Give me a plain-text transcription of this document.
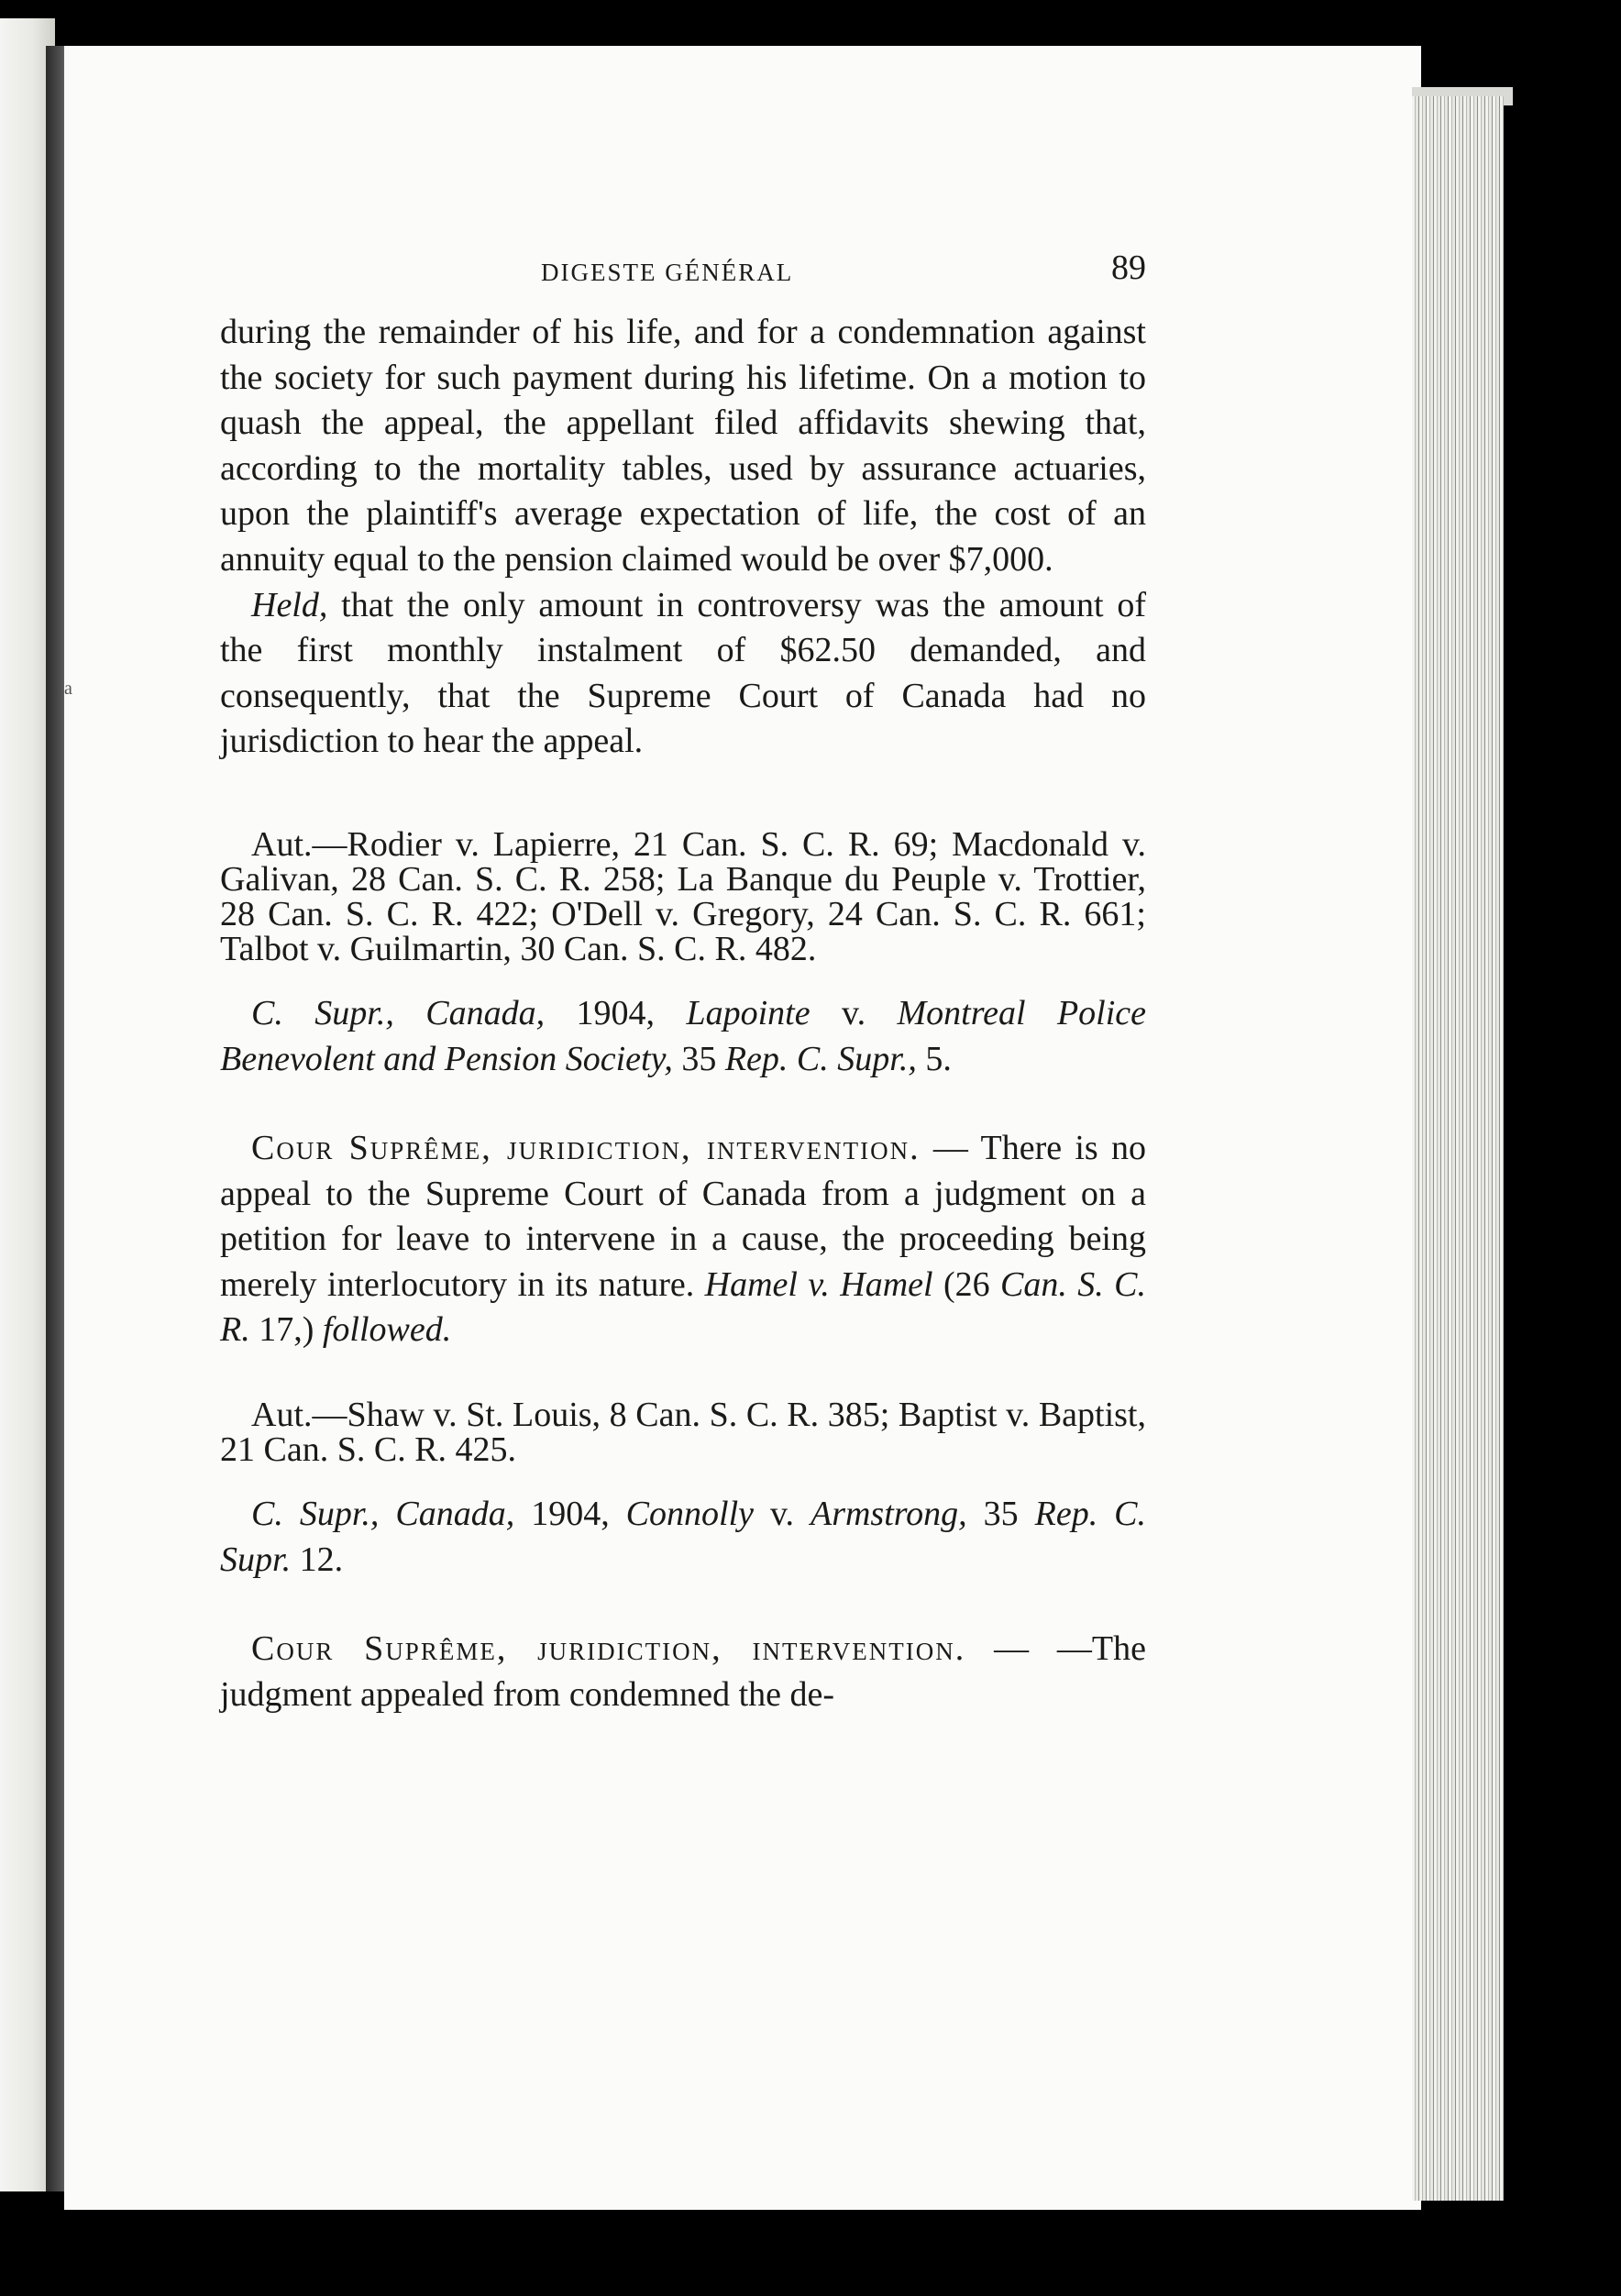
a
DIGESTE GÉNÉRAL	89

during the remainder of his life, and for a condemnation against the society for such payment during his lifetime. On a motion to quash the appeal, the appellant filed affidavits shewing that, according to the mortality tables, used by assurance actuaries, upon the plaintiff's average expectation of life, the cost of an annuity equal to the pension claimed would be over $7,000.

Held, that the only amount in controversy was the amount of the first monthly instalment of $62.50 demanded, and consequently, that the Supreme Court of Canada had no jurisdiction to hear the appeal.

Aut.—Rodier v. Lapierre, 21 Can. S. C. R. 69; Macdonald v. Galivan, 28 Can. S. C. R. 258; La Banque du Peuple v. Trottier, 28 Can. S. C. R. 422; O'Dell v. Gregory, 24 Can. S. C. R. 661; Talbot v. Guilmartin, 30 Can. S. C. R. 482.

C. Supr., Canada, 1904, Lapointe v. Montreal Police Benevolent and Pension Society, 35 Rep. C. Supr., 5.

Cour Suprême, juridiction, intervention. — There is no appeal to the Supreme Court of Canada from a judgment on a petition for leave to intervene in a cause, the proceeding being merely interlocutory in its nature. Hamel v. Hamel (26 Can. S. C. R. 17,) followed.

Aut.—Shaw v. St. Louis, 8 Can. S. C. R. 385; Baptist v. Baptist, 21 Can. S. C. R. 425.

C. Supr., Canada, 1904, Connolly v. Armstrong, 35 Rep. C. Supr. 12.

Cour Suprême, juridiction, intervention. — —The judgment appealed from condemned the de-
